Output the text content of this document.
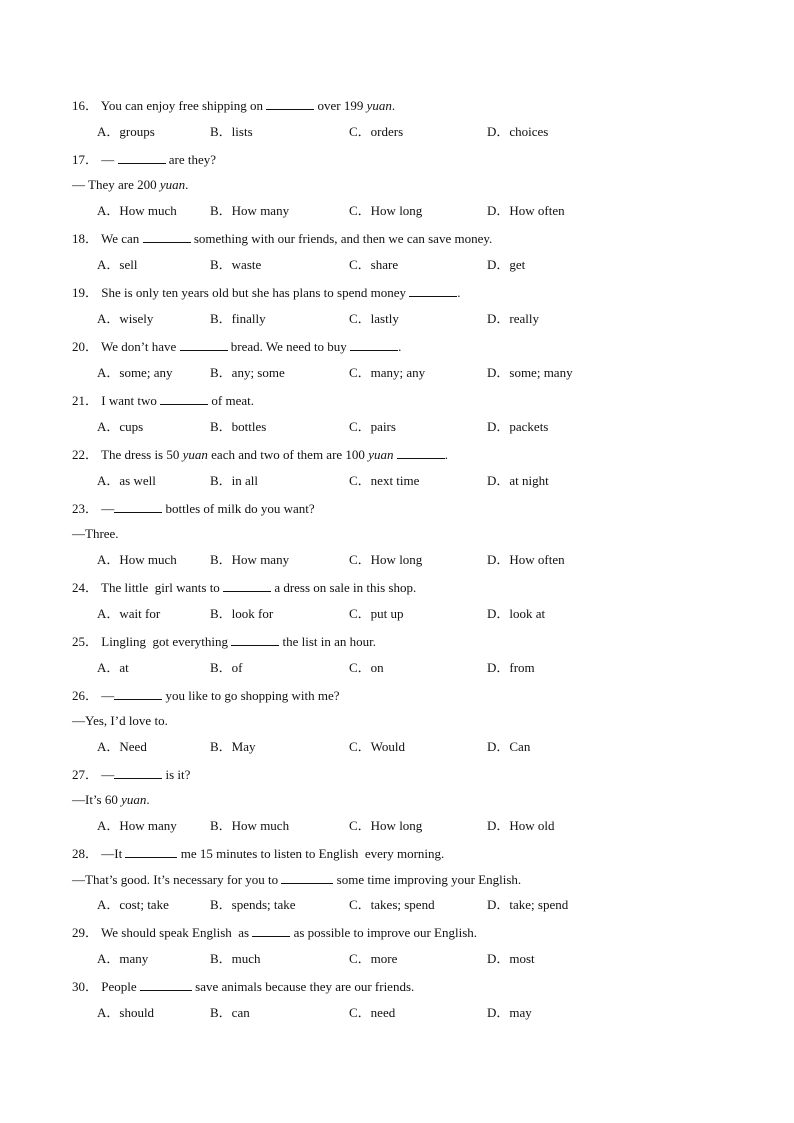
16． You can enjoy free shipping on	over 199 yuan.
A．groups	B．lists	C．orders	D．choices
17． —	are they?
— They are 200 yuan.
A．How much	B．How many	C．How long	D．How often
18． We can	something with our friends, and then we can save money.
A．sell	B．waste	C．share	D．get
19． She is only ten years old but she has plans to spend money	.
A．wisely	B．finally	C．lastly	D．really
20． We don’t have	bread. We need to buy	.
A．some; any	B．any; some	C．many; any	D．some; many
21． I want two	of meat.
A．cups	B．bottles	C．pairs	D．packets
22． The dress is 50 yuan each and two of them are 100 yuan	.
A．as well	B．in all	C．next time	D．at night
23． —	bottles of milk do you want?
—Three.
A．How much	B．How many	C．How long	D．How often
24． The little  girl wants to	a dress on sale in this shop.
A．wait for	B．look for	C．put up	D．look at
25． Lingling  got everything	the list in an hour.
A．at	B．of	C．on	D．from
26． —	you like to go shopping with me?
—Yes, I’d love to.
A．Need	B．May	C．Would	D．Can
27． —	is it?
—It’s 60 yuan.
A．How many	B．How much	C．How long	D．How old
28． —It	me 15 minutes to listen to English  every morning.
—That’s good. It’s necessary for you to	some time improving your English.
A．cost; take	B．spends; take	C．takes; spend	D．take; spend
29． We should speak English  as	as possible to improve our English.
A．many	B．much	C．more	D．most
30． People	save animals because they are our friends.
A．should	B．can	C．need	D．may
